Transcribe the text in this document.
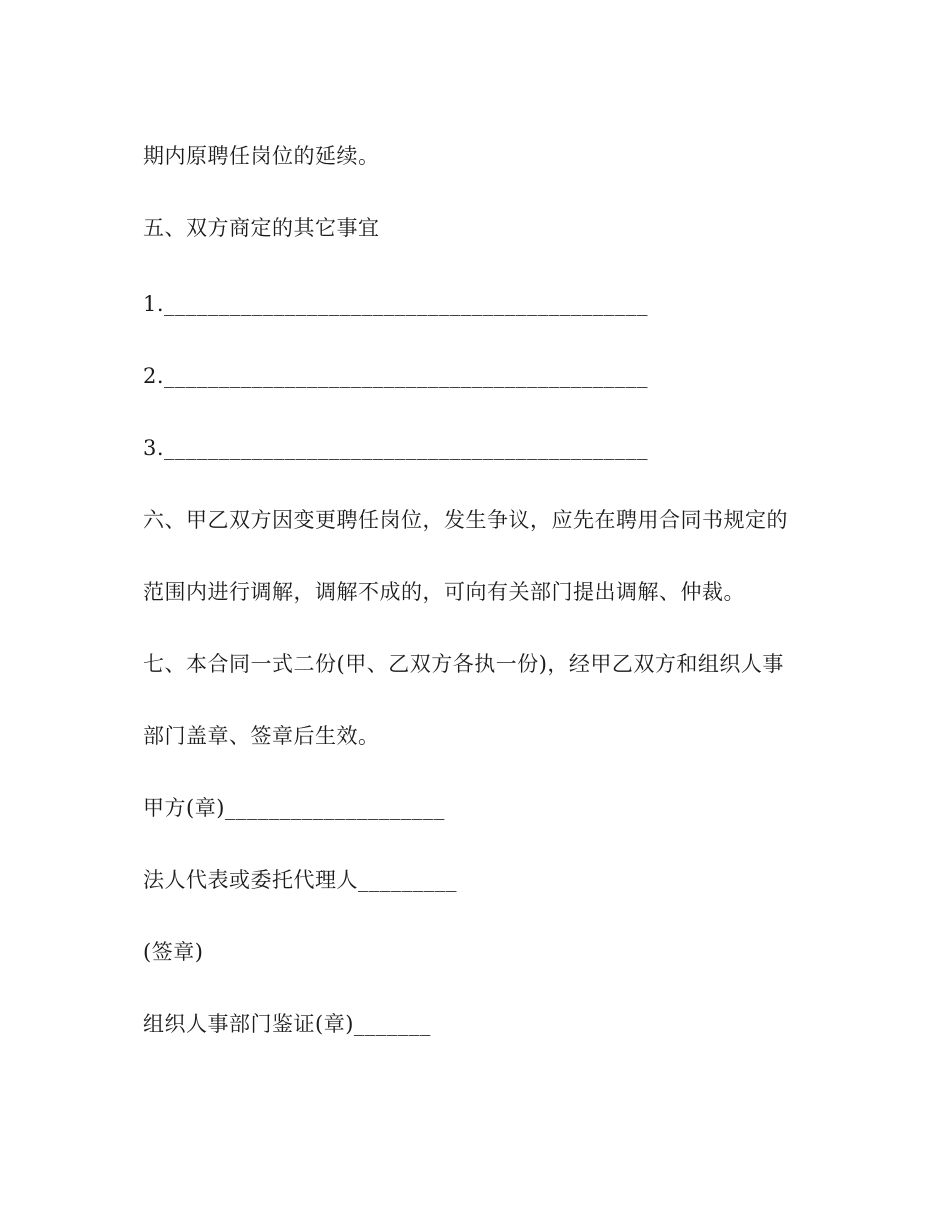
期内原聘任岗位的延续。
五、双方商定的其它事宜
1.____________________________________________
2.____________________________________________
3.____________________________________________
六、甲乙双方因变更聘任岗位，发生争议，应先在聘用合同书规定的
范围内进行调解，调解不成的，可向有关部门提出调解、仲裁。
七、本合同一式二份(甲、乙双方各执一份)，经甲乙双方和组织人事
部门盖章、签章后生效。
甲方(章)____________________
法人代表或委托代理人_________
(签章)
组织人事部门鉴证(章)_______
